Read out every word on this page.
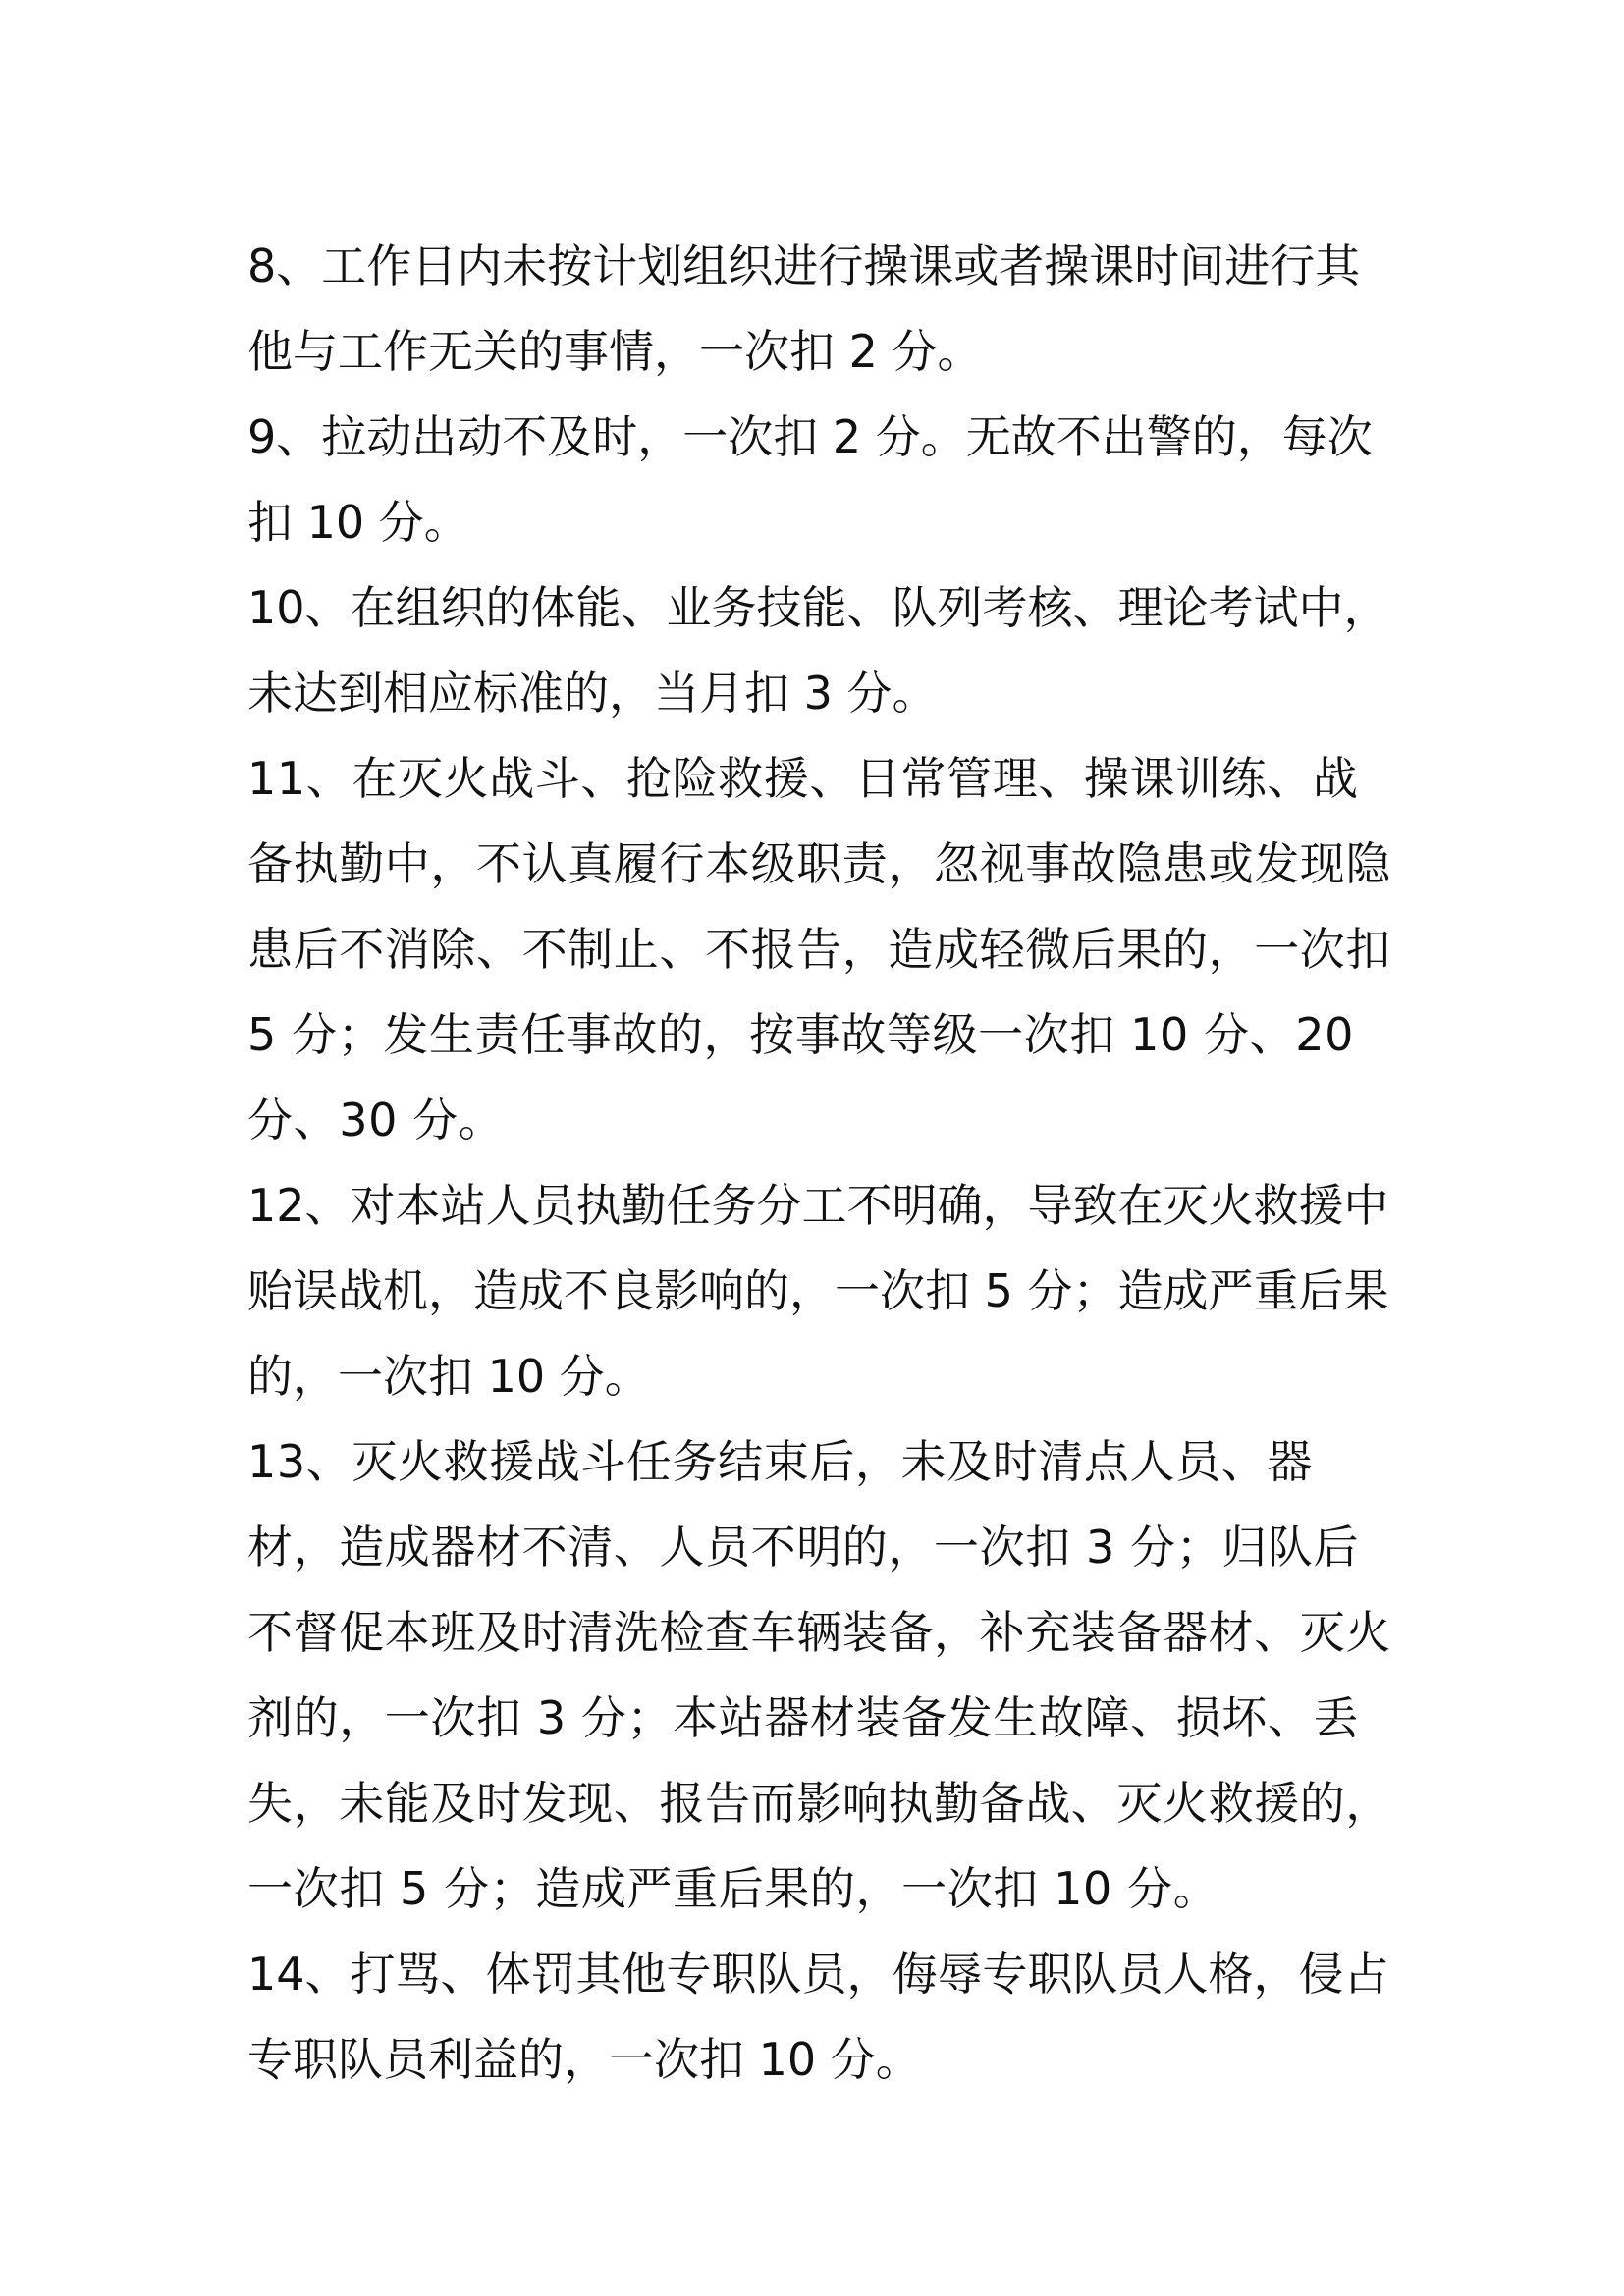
8、工作日内未按计划组织进行操课或者操课时间进行其他与工作无关的事情，一次扣 2 分。

9、拉动出动不及时，一次扣 2 分。无故不出警的，每次扣 10 分。

10、在组织的体能、业务技能、队列考核、理论考试中，未达到相应标准的，当月扣 3 分。

11、在灭火战斗、抢险救援、日常管理、操课训练、战备执勤中，不认真履行本级职责，忽视事故隐患或发现隐患后不消除、不制止、不报告，造成轻微后果的，一次扣 5 分；发生责任事故的，按事故等级一次扣 10 分、20 分、30 分。

12、对本站人员执勤任务分工不明确，导致在灭火救援中贻误战机，造成不良影响的，一次扣 5 分；造成严重后果的，一次扣 10 分。

13、灭火救援战斗任务结束后，未及时清点人员、器材，造成器材不清、人员不明的，一次扣 3 分；归队后不督促本班及时清洗检查车辆装备，补充装备器材、灭火剂的，一次扣 3 分；本站器材装备发生故障、损坏、丢失，未能及时发现、报告而影响执勤备战、灭火救援的，一次扣 5 分；造成严重后果的，一次扣 10 分。

14、打骂、体罚其他专职队员，侮辱专职队员人格，侵占专职队员利益的，一次扣 10 分。
